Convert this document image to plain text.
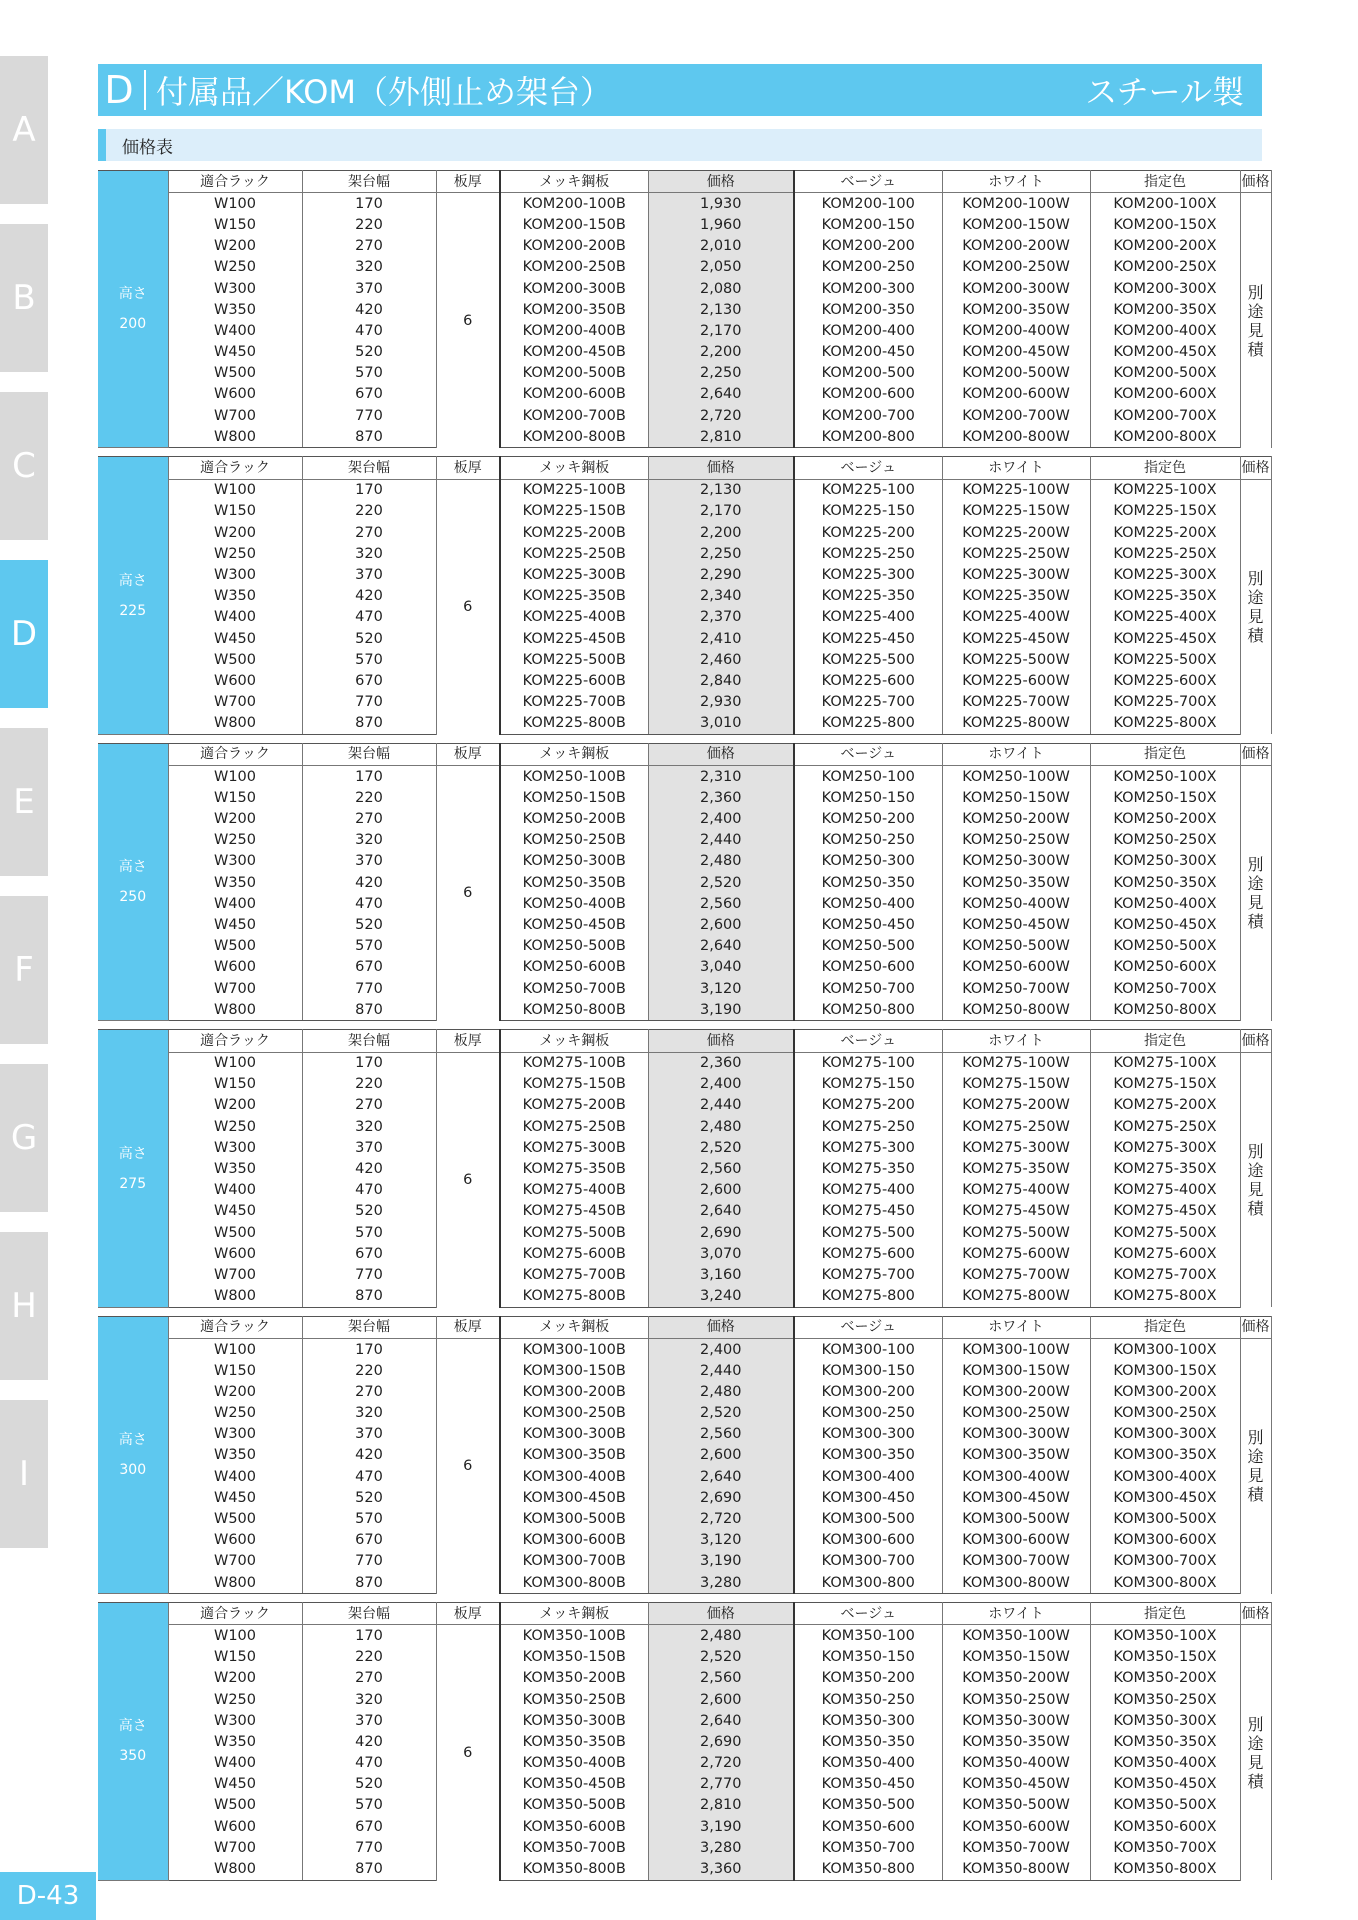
A
B
C
D
E
F
G
H
I
D 付属品／KOM（外側止め架台）	スチール製
価格表
高さ
200	適合ラック	架台幅	板厚	メッキ鋼板	価格	ベージュ	ホワイト	指定色	価格
	W100	170	6	KOM200-100B	1,930	KOM200-100	KOM200-100W	KOM200-100X	別
途
見
積

	W150	220		KOM200-150B	1,960	KOM200-150	KOM200-150W	KOM200-150X	
	W200	270		KOM200-200B	2,010	KOM200-200	KOM200-200W	KOM200-200X	
	W250	320		KOM200-250B	2,050	KOM200-250	KOM200-250W	KOM200-250X	
	W300	370		KOM200-300B	2,080	KOM200-300	KOM200-300W	KOM200-300X	
	W350	420		KOM200-350B	2,130	KOM200-350	KOM200-350W	KOM200-350X	
	W400	470		KOM200-400B	2,170	KOM200-400	KOM200-400W	KOM200-400X	
	W450	520		KOM200-450B	2,200	KOM200-450	KOM200-450W	KOM200-450X	
	W500	570		KOM200-500B	2,250	KOM200-500	KOM200-500W	KOM200-500X	
	W600	670		KOM200-600B	2,640	KOM200-600	KOM200-600W	KOM200-600X	
	W700	770		KOM200-700B	2,720	KOM200-700	KOM200-700W	KOM200-700X	
	W800	870		KOM200-800B	2,810	KOM200-800	KOM200-800W	KOM200-800X	
高さ
225	適合ラック	架台幅	板厚	メッキ鋼板	価格	ベージュ	ホワイト	指定色	価格
	W100	170	6	KOM225-100B	2,130	KOM225-100	KOM225-100W	KOM225-100X	別
途
見
積

	W150	220		KOM225-150B	2,170	KOM225-150	KOM225-150W	KOM225-150X	
	W200	270		KOM225-200B	2,200	KOM225-200	KOM225-200W	KOM225-200X	
	W250	320		KOM225-250B	2,250	KOM225-250	KOM225-250W	KOM225-250X	
	W300	370		KOM225-300B	2,290	KOM225-300	KOM225-300W	KOM225-300X	
	W350	420		KOM225-350B	2,340	KOM225-350	KOM225-350W	KOM225-350X	
	W400	470		KOM225-400B	2,370	KOM225-400	KOM225-400W	KOM225-400X	
	W450	520		KOM225-450B	2,410	KOM225-450	KOM225-450W	KOM225-450X	
	W500	570		KOM225-500B	2,460	KOM225-500	KOM225-500W	KOM225-500X	
	W600	670		KOM225-600B	2,840	KOM225-600	KOM225-600W	KOM225-600X	
	W700	770		KOM225-700B	2,930	KOM225-700	KOM225-700W	KOM225-700X	
	W800	870		KOM225-800B	3,010	KOM225-800	KOM225-800W	KOM225-800X	
高さ
250	適合ラック	架台幅	板厚	メッキ鋼板	価格	ベージュ	ホワイト	指定色	価格
	W100	170	6	KOM250-100B	2,310	KOM250-100	KOM250-100W	KOM250-100X	別
途
見
積

	W150	220		KOM250-150B	2,360	KOM250-150	KOM250-150W	KOM250-150X	
	W200	270		KOM250-200B	2,400	KOM250-200	KOM250-200W	KOM250-200X	
	W250	320		KOM250-250B	2,440	KOM250-250	KOM250-250W	KOM250-250X	
	W300	370		KOM250-300B	2,480	KOM250-300	KOM250-300W	KOM250-300X	
	W350	420		KOM250-350B	2,520	KOM250-350	KOM250-350W	KOM250-350X	
	W400	470		KOM250-400B	2,560	KOM250-400	KOM250-400W	KOM250-400X	
	W450	520		KOM250-450B	2,600	KOM250-450	KOM250-450W	KOM250-450X	
	W500	570		KOM250-500B	2,640	KOM250-500	KOM250-500W	KOM250-500X	
	W600	670		KOM250-600B	3,040	KOM250-600	KOM250-600W	KOM250-600X	
	W700	770		KOM250-700B	3,120	KOM250-700	KOM250-700W	KOM250-700X	
	W800	870		KOM250-800B	3,190	KOM250-800	KOM250-800W	KOM250-800X	
高さ
275	適合ラック	架台幅	板厚	メッキ鋼板	価格	ベージュ	ホワイト	指定色	価格
	W100	170	6	KOM275-100B	2,360	KOM275-100	KOM275-100W	KOM275-100X	別
途
見
積

	W150	220		KOM275-150B	2,400	KOM275-150	KOM275-150W	KOM275-150X	
	W200	270		KOM275-200B	2,440	KOM275-200	KOM275-200W	KOM275-200X	
	W250	320		KOM275-250B	2,480	KOM275-250	KOM275-250W	KOM275-250X	
	W300	370		KOM275-300B	2,520	KOM275-300	KOM275-300W	KOM275-300X	
	W350	420		KOM275-350B	2,560	KOM275-350	KOM275-350W	KOM275-350X	
	W400	470		KOM275-400B	2,600	KOM275-400	KOM275-400W	KOM275-400X	
	W450	520		KOM275-450B	2,640	KOM275-450	KOM275-450W	KOM275-450X	
	W500	570		KOM275-500B	2,690	KOM275-500	KOM275-500W	KOM275-500X	
	W600	670		KOM275-600B	3,070	KOM275-600	KOM275-600W	KOM275-600X	
	W700	770		KOM275-700B	3,160	KOM275-700	KOM275-700W	KOM275-700X	
	W800	870		KOM275-800B	3,240	KOM275-800	KOM275-800W	KOM275-800X	
高さ
300	適合ラック	架台幅	板厚	メッキ鋼板	価格	ベージュ	ホワイト	指定色	価格
	W100	170	6	KOM300-100B	2,400	KOM300-100	KOM300-100W	KOM300-100X	別
途
見
積

	W150	220		KOM300-150B	2,440	KOM300-150	KOM300-150W	KOM300-150X	
	W200	270		KOM300-200B	2,480	KOM300-200	KOM300-200W	KOM300-200X	
	W250	320		KOM300-250B	2,520	KOM300-250	KOM300-250W	KOM300-250X	
	W300	370		KOM300-300B	2,560	KOM300-300	KOM300-300W	KOM300-300X	
	W350	420		KOM300-350B	2,600	KOM300-350	KOM300-350W	KOM300-350X	
	W400	470		KOM300-400B	2,640	KOM300-400	KOM300-400W	KOM300-400X	
	W450	520		KOM300-450B	2,690	KOM300-450	KOM300-450W	KOM300-450X	
	W500	570		KOM300-500B	2,720	KOM300-500	KOM300-500W	KOM300-500X	
	W600	670		KOM300-600B	3,120	KOM300-600	KOM300-600W	KOM300-600X	
	W700	770		KOM300-700B	3,190	KOM300-700	KOM300-700W	KOM300-700X	
	W800	870		KOM300-800B	3,280	KOM300-800	KOM300-800W	KOM300-800X	
高さ
350	適合ラック	架台幅	板厚	メッキ鋼板	価格	ベージュ	ホワイト	指定色	価格
	W100	170	6	KOM350-100B	2,480	KOM350-100	KOM350-100W	KOM350-100X	別
途
見
積

	W150	220		KOM350-150B	2,520	KOM350-150	KOM350-150W	KOM350-150X	
	W200	270		KOM350-200B	2,560	KOM350-200	KOM350-200W	KOM350-200X	
	W250	320		KOM350-250B	2,600	KOM350-250	KOM350-250W	KOM350-250X	
	W300	370		KOM350-300B	2,640	KOM350-300	KOM350-300W	KOM350-300X	
	W350	420		KOM350-350B	2,690	KOM350-350	KOM350-350W	KOM350-350X	
	W400	470		KOM350-400B	2,720	KOM350-400	KOM350-400W	KOM350-400X	
	W450	520		KOM350-450B	2,770	KOM350-450	KOM350-450W	KOM350-450X	
	W500	570		KOM350-500B	2,810	KOM350-500	KOM350-500W	KOM350-500X	
	W600	670		KOM350-600B	3,190	KOM350-600	KOM350-600W	KOM350-600X	
	W700	770		KOM350-700B	3,280	KOM350-700	KOM350-700W	KOM350-700X	
	W800	870		KOM350-800B	3,360	KOM350-800	KOM350-800W	KOM350-800X	
D-43
